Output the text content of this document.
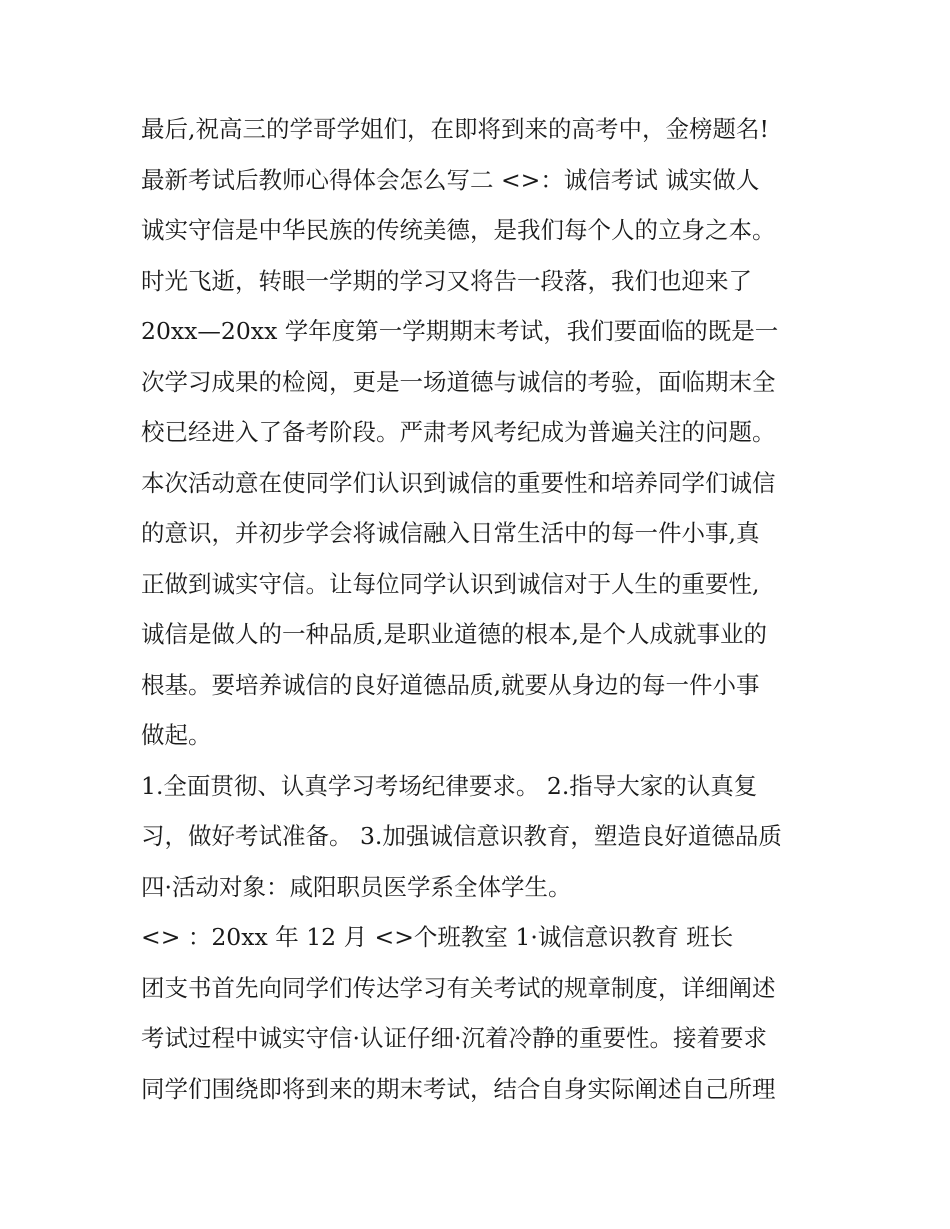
最后,祝高三的学哥学姐们，在即将到来的高考中，金榜题名!
最新考试后教师心得体会怎么写二 <>：诚信考试 诚实做人
诚实守信是中华民族的传统美德，是我们每个人的立身之本。
时光飞逝，转眼一学期的学习又将告一段落，我们也迎来了
20xx—20xx 学年度第一学期期末考试，我们要面临的既是一
次学习成果的检阅，更是一场道德与诚信的考验，面临期末全
校已经进入了备考阶段。严肃考风考纪成为普遍关注的问题。
本次活动意在使同学们认识到诚信的重要性和培养同学们诚信
的意识，并初步学会将诚信融入日常生活中的每一件小事,真
正做到诚实守信。让每位同学认识到诚信对于人生的重要性,
诚信是做人的一种品质,是职业道德的根本,是个人成就事业的
根基。要培养诚信的良好道德品质,就要从身边的每一件小事
做起。
1.全面贯彻、认真学习考场纪律要求。 2.指导大家的认真复
习，做好考试准备。 3.加强诚信意识教育，塑造良好道德品质
四·活动对象：咸阳职员医学系全体学生。
<> ：20xx 年 12 月 <>个班教室 1·诚信意识教育 班长
团支书首先向同学们传达学习有关考试的规章制度，详细阐述
考试过程中诚实守信·认证仔细·沉着冷静的重要性。接着要求
同学们围绕即将到来的期末考试，结合自身实际阐述自己所理
